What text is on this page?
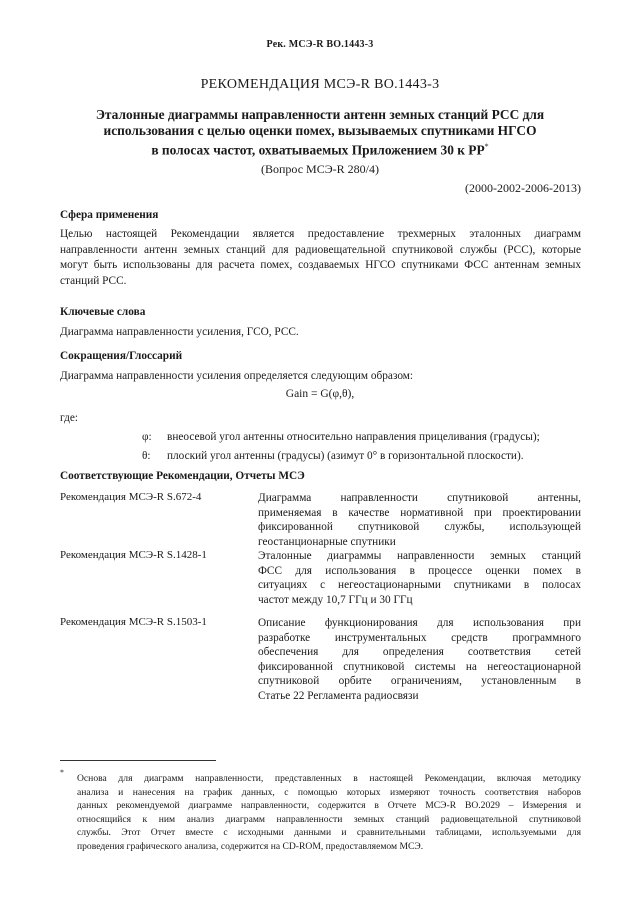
Рек. МСЭ-R BO.1443-3
РЕКОМЕНДАЦИЯ МСЭ-R BO.1443-3
Эталонные диаграммы направленности антенн земных станций РСС для
использования с целью оценки помех, вызываемых спутниками НГСО
в полосах частот, охватываемых Приложением 30 к РР*
(Вопрос МСЭ-R 280/4)
(2000-2002-2006-2013)
Сфера применения
Целью настоящей Рекомендации является предоставление трехмерных эталонных диаграмм
направленности антенн земных станций для радиовещательной спутниковой службы (РСС), которые
могут быть использованы для расчета помех, создаваемых НГСО спутниками ФСС антеннам земных
станций РСС.
Ключевые слова
Диаграмма направленности усиления, ГСО, РСС.
Сокращения/Глоссарий
Диаграмма направленности усиления определяется следующим образом:
Gain = G(φ,θ),
где:
φ: внеосевой угол антенны относительно направления прицеливания (градусы);
θ: плоский угол антенны (градусы) (азимут 0° в горизонтальной плоскости).
Соответствующие Рекомендации, Отчеты МСЭ
Рекомендация МСЭ-R S.672-4	Диаграмма направленности спутниковой антенны,
применяемая в качестве нормативной при проектировании
фиксированной спутниковой службы, использующей
геостанционарные спутники
Рекомендация МСЭ-R S.1428-1	Эталонные диаграммы направленности земных станций
ФСС для использования в процессе оценки помех в
ситуациях с негеостационарными спутниками в полосах
частот между 10,7 ГГц и 30 ГГц
Рекомендация МСЭ-R S.1503-1	Описание функционирования для использования при
разработке инструментальных средств программного
обеспечения для определения соответствия сетей
фиксированной спутниковой системы на негеостационарной
спутниковой орбите ограничениям, установленным в
Статье 22 Регламента радиосвязи
*
Основа для диаграмм направленности, представленных в настоящей Рекомендации, включая методику
анализа и нанесения на график данных, с помощью которых измеряют точность соответствия наборов
данных рекомендуемой диаграмме направленности, содержится в Отчете МСЭ-R BO.2029 – Измерения и
относящийся к ним анализ диаграмм направленности земных станций радиовещательной спутниковой
службы. Этот Отчет вместе с исходными данными и сравнительными таблицами, используемыми для
проведения графического анализа, содержится на CD-ROM, предоставляемом МСЭ.
